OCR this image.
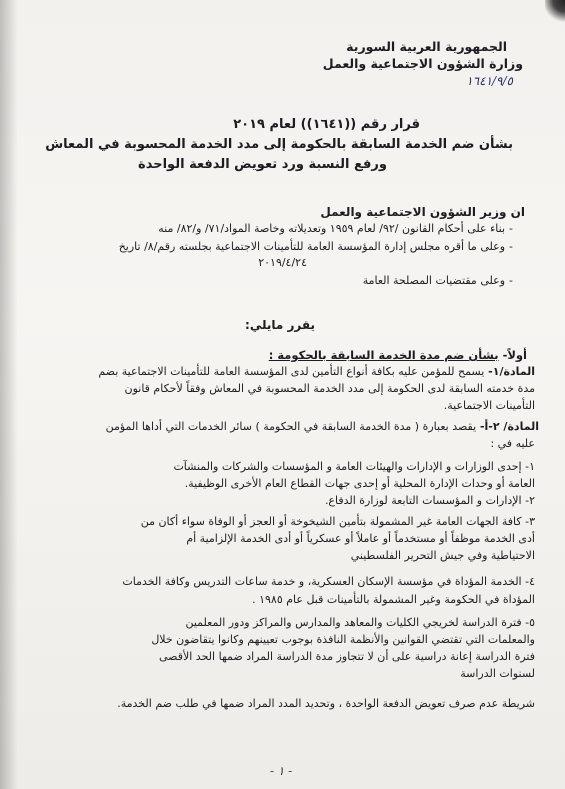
الجمهورية العربية السورية
وزارة الشؤون الاجتماعية والعمل
١٦٤١/٩/٥
قرار رقم ((١٦٤١)) لعام ٢٠١٩
بشأن ضم الخدمة السابقة بالحكومة إلى مدد الخدمة المحسوبة في المعاش
ورفع النسبة ورد تعويض الدفعة الواحدة
ان وزير الشؤون الاجتماعية والعمل
-بناء على أحكام القانون /٩٢/ لعام ١٩٥٩ وتعديلاته وخاصة المواد/٧١/ و/٨٢/ منه
-وعلى ما أقره مجلس إدارة المؤسسة العامة للتأمينات الاجتماعية بجلسته رقم/٨/ تاريخ
٢٠١٩/٤/٢٤
-وعلى مقتضيات المصلحة العامة
يقرر مايلي:
أولاً- بشأن ضم مدة الخدمة السابقة بالحكومة :
المادة/١- يسمح للمؤمن عليه بكافة أنواع التأمين لدى المؤسسة العامة للتأمينات الاجتماعية بضم
مدة خدمته السابقة لدى الحكومة إلى مدد الخدمة المحسوبة في المعاش وفقاً لأحكام قانون
التأمينات الاجتماعية.
المادة/ ٢-أ- يقصد بعبارة ( مدة الخدمة السابقة في الحكومة ) سائر الخدمات التي أداها المؤمن
عليه في :
١- إحدى الوزارات و الإدارات والهيئات العامة و المؤسسات والشركات والمنشآت
العامة أو وحدات الإدارة المحلية أو إحدى جهات القطاع العام الأخرى الوظيفية.
٢- الإدارات و المؤسسات التابعة لوزارة الدفاع.
٣- كافة الجهات العامة غير المشمولة بتأمين الشيخوخة أو العجز أو الوفاة سواء أكان من
أدى الخدمة موظفاً أو مستخدماً أو عاملاً أو عسكرياً أو أدى الخدمة الإلزامية أم
الاحتياطية وفي جيش التحرير الفلسطيني
٤- الخدمة المؤداة في مؤسسة الإسكان العسكرية، و خدمة ساعات التدريس وكافة الخدمات
المؤداة في الحكومة وغير المشمولة بالتأمينات قبل عام ١٩٨٥ .
٥- فترة الدراسة لخريجي الكليات والمعاهد والمدارس والمراكز ودور المعلمين
والمعلمات التي تقتضي القوانين والأنظمة النافذة بوجوب تعيينهم وكانوا يتقاضون خلال
فترة الدراسة إعانة دراسية على أن لا تتجاوز مدة الدراسة المراد ضمها الحد الأقصى
لسنوات الدراسة
شريطة عدم صرف تعويض الدفعة الواحدة ، وتحديد المدد المراد ضمها في طلب ضم الخدمة.
- ١ -
